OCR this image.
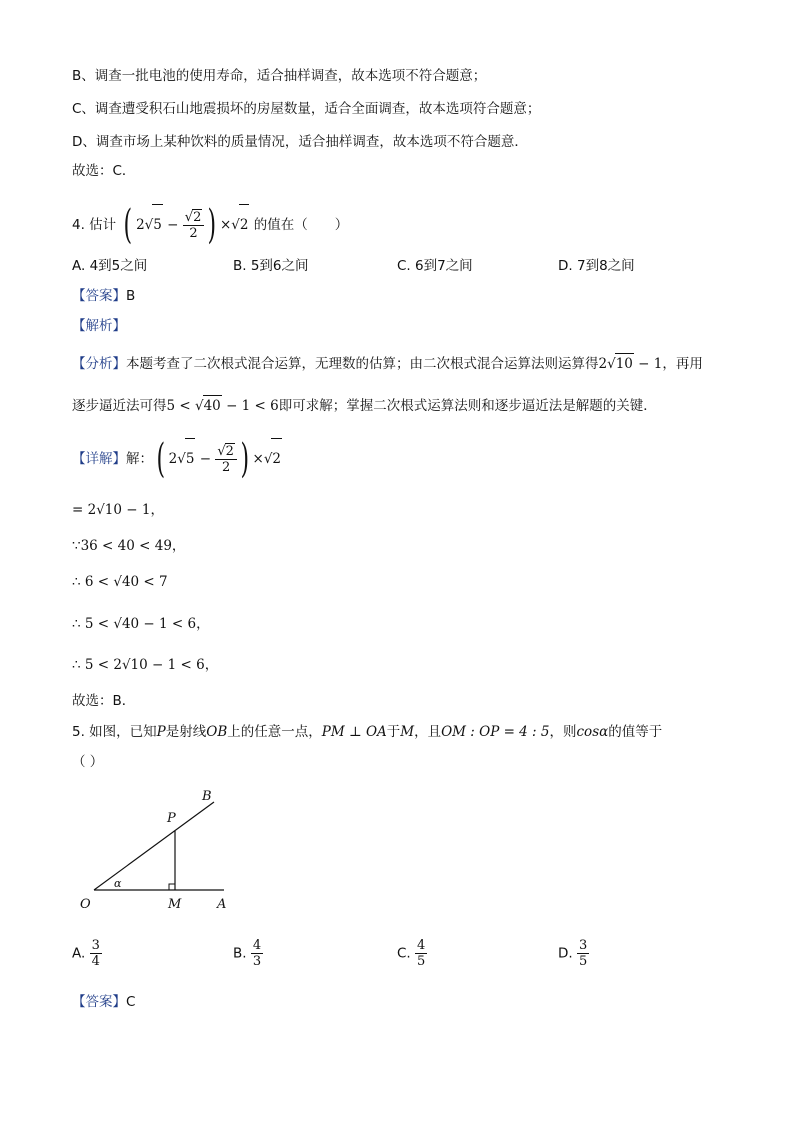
B、调查一批电池的使用寿命，适合抽样调查，故本选项不符合题意；
C、调查遭受积石山地震损坏的房屋数量，适合全面调查，故本选项符合题意；
D、调查市场上某种饮料的质量情况，适合抽样调查，故本选项不符合题意．
故选：C．
4. 估计 ( $2√5 - \frac{√2}{2}$ ) ×√2 的值在（　　）
A. 4到5之间	B. 5到6之间	C. 6到7之间	D. 7到8之间
【答案】B
【解析】
【分析】本题考查了二次根式混合运算，无理数的估算；由二次根式混合运算法则运算得2√10 − 1，再用
逐步逼近法可得5 < √40 − 1 < 6即可求解；掌握二次根式运算法则和逐步逼近法是解题的关键．
【详解】解：( $2√5 - \frac{√2}{2}$ ) ×√2
= 2√10 − 1，
∵36 < 40 < 49，
∴ 6 < √40 < 7
∴ 5 < √40 − 1 < 6，
∴ 5 < 2√10 − 1 < 6，
故选：B．
5. 如图，已知P是射线OB上的任意一点，PM ⊥ OA于M，且OM : OP = 4 : 5，则cosα的值等于
（ ）
B
P
α
O	M	A
A. $\frac{3}{4}$	B. $\frac{4}{3}$	C. $\frac{4}{5}$	D. $\frac{3}{5}$
【答案】C
